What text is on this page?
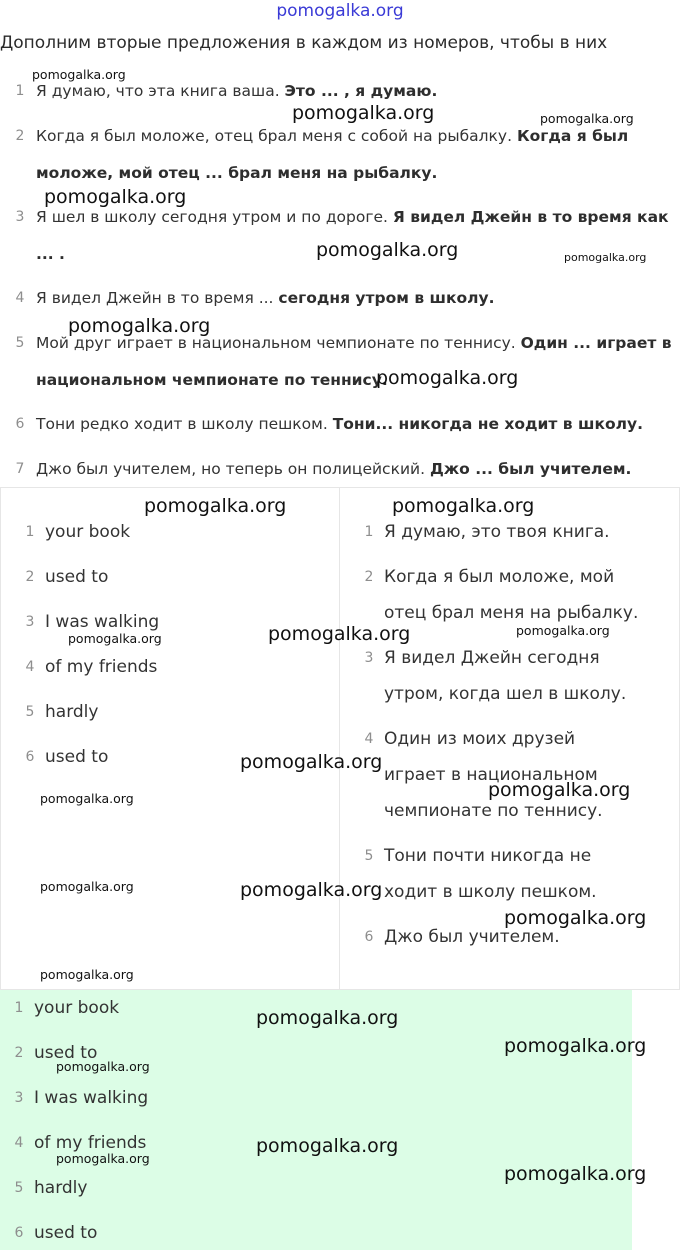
pomogalka.org
Дополним вторые предложения в каждом из номеров, чтобы в них
1 Я думаю, что эта книга ваша. Это ... , я думаю.
2 Когда я был моложе, отец брал меня с собой на рыбалку. Когда я был моложе, мой отец ... брал меня на рыбалку.
3 Я шел в школу сегодня утром и по дороге. Я видел Джейн в то время как ... .
4 Я видел Джейн в то время ... сегодня утром в школу.
5 Мой друг играет в национальном чемпионате по теннису. Один ... играет в национальном чемпионате по теннису.
6 Тони редко ходит в школу пешком. Тони... никогда не ходит в школу.
7 Джо был учителем, но теперь он полицейский. Джо ... был учителем.
1 your book
2 used to
3 I was walking
4 of my friends
5 hardly
6 used to
1 Я думаю, это твоя книга.
2 Когда я был моложе, мой отец брал меня на рыбалку.
3 Я видел Джейн сегодня утром, когда шел в школу.
4 Один из моих друзей играет в национальном чемпионате по теннису.
5 Тони почти никогда не ходит в школу пешком.
6 Джо был учителем.
1 your book
2 used to
3 I was walking
4 of my friends
5 hardly
6 used to
pomogalka.org
pomogalka.org	pomogalka.org
pomogalka.org
pomogalka.org	pomogalka.org
pomogalka.org
pomogalka.org
pomogalka.org	pomogalka.org
pomogalka.org
pomogalka.org
pomogalka.org
pomogalka.org
pomogalka.org
pomogalka.org
pomogalka.org
pomogalka.org
pomogalka.org
pomogalka.org
pomogalka.org
pomogalka.org
pomogalka.org
pomogalka.org
pomogalka.org
pomogalka.org
